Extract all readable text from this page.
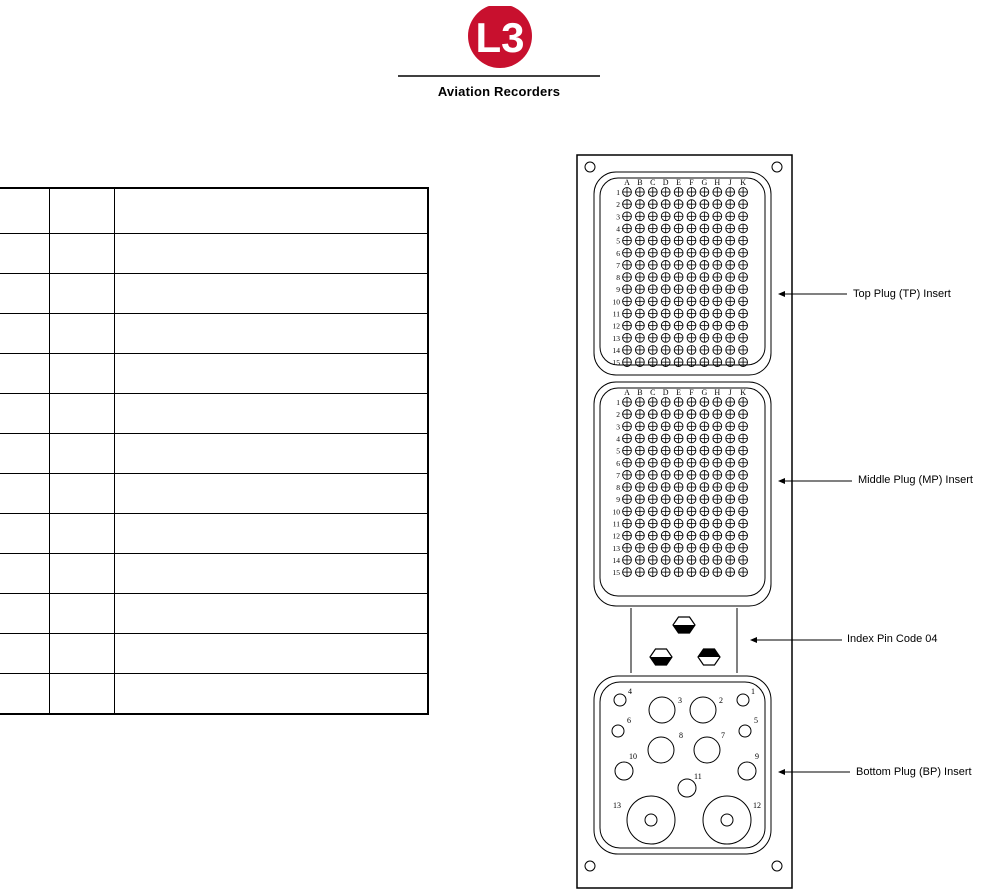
L3
Aviation Recorders

A B C D E F G H J K
1
2
3
4
5
6
7
8
9
10
11
12
13
14
15
A B C D E F G H J K
1
2
3
4
5
6
7
8
9
10
11
12
13
14
15
1
2
3
4
5
6
7
8
9
10
11
13	12
Top Plug (TP) Insert
Middle Plug (MP) Insert
Index Pin Code 04
Bottom Plug (BP) Insert
